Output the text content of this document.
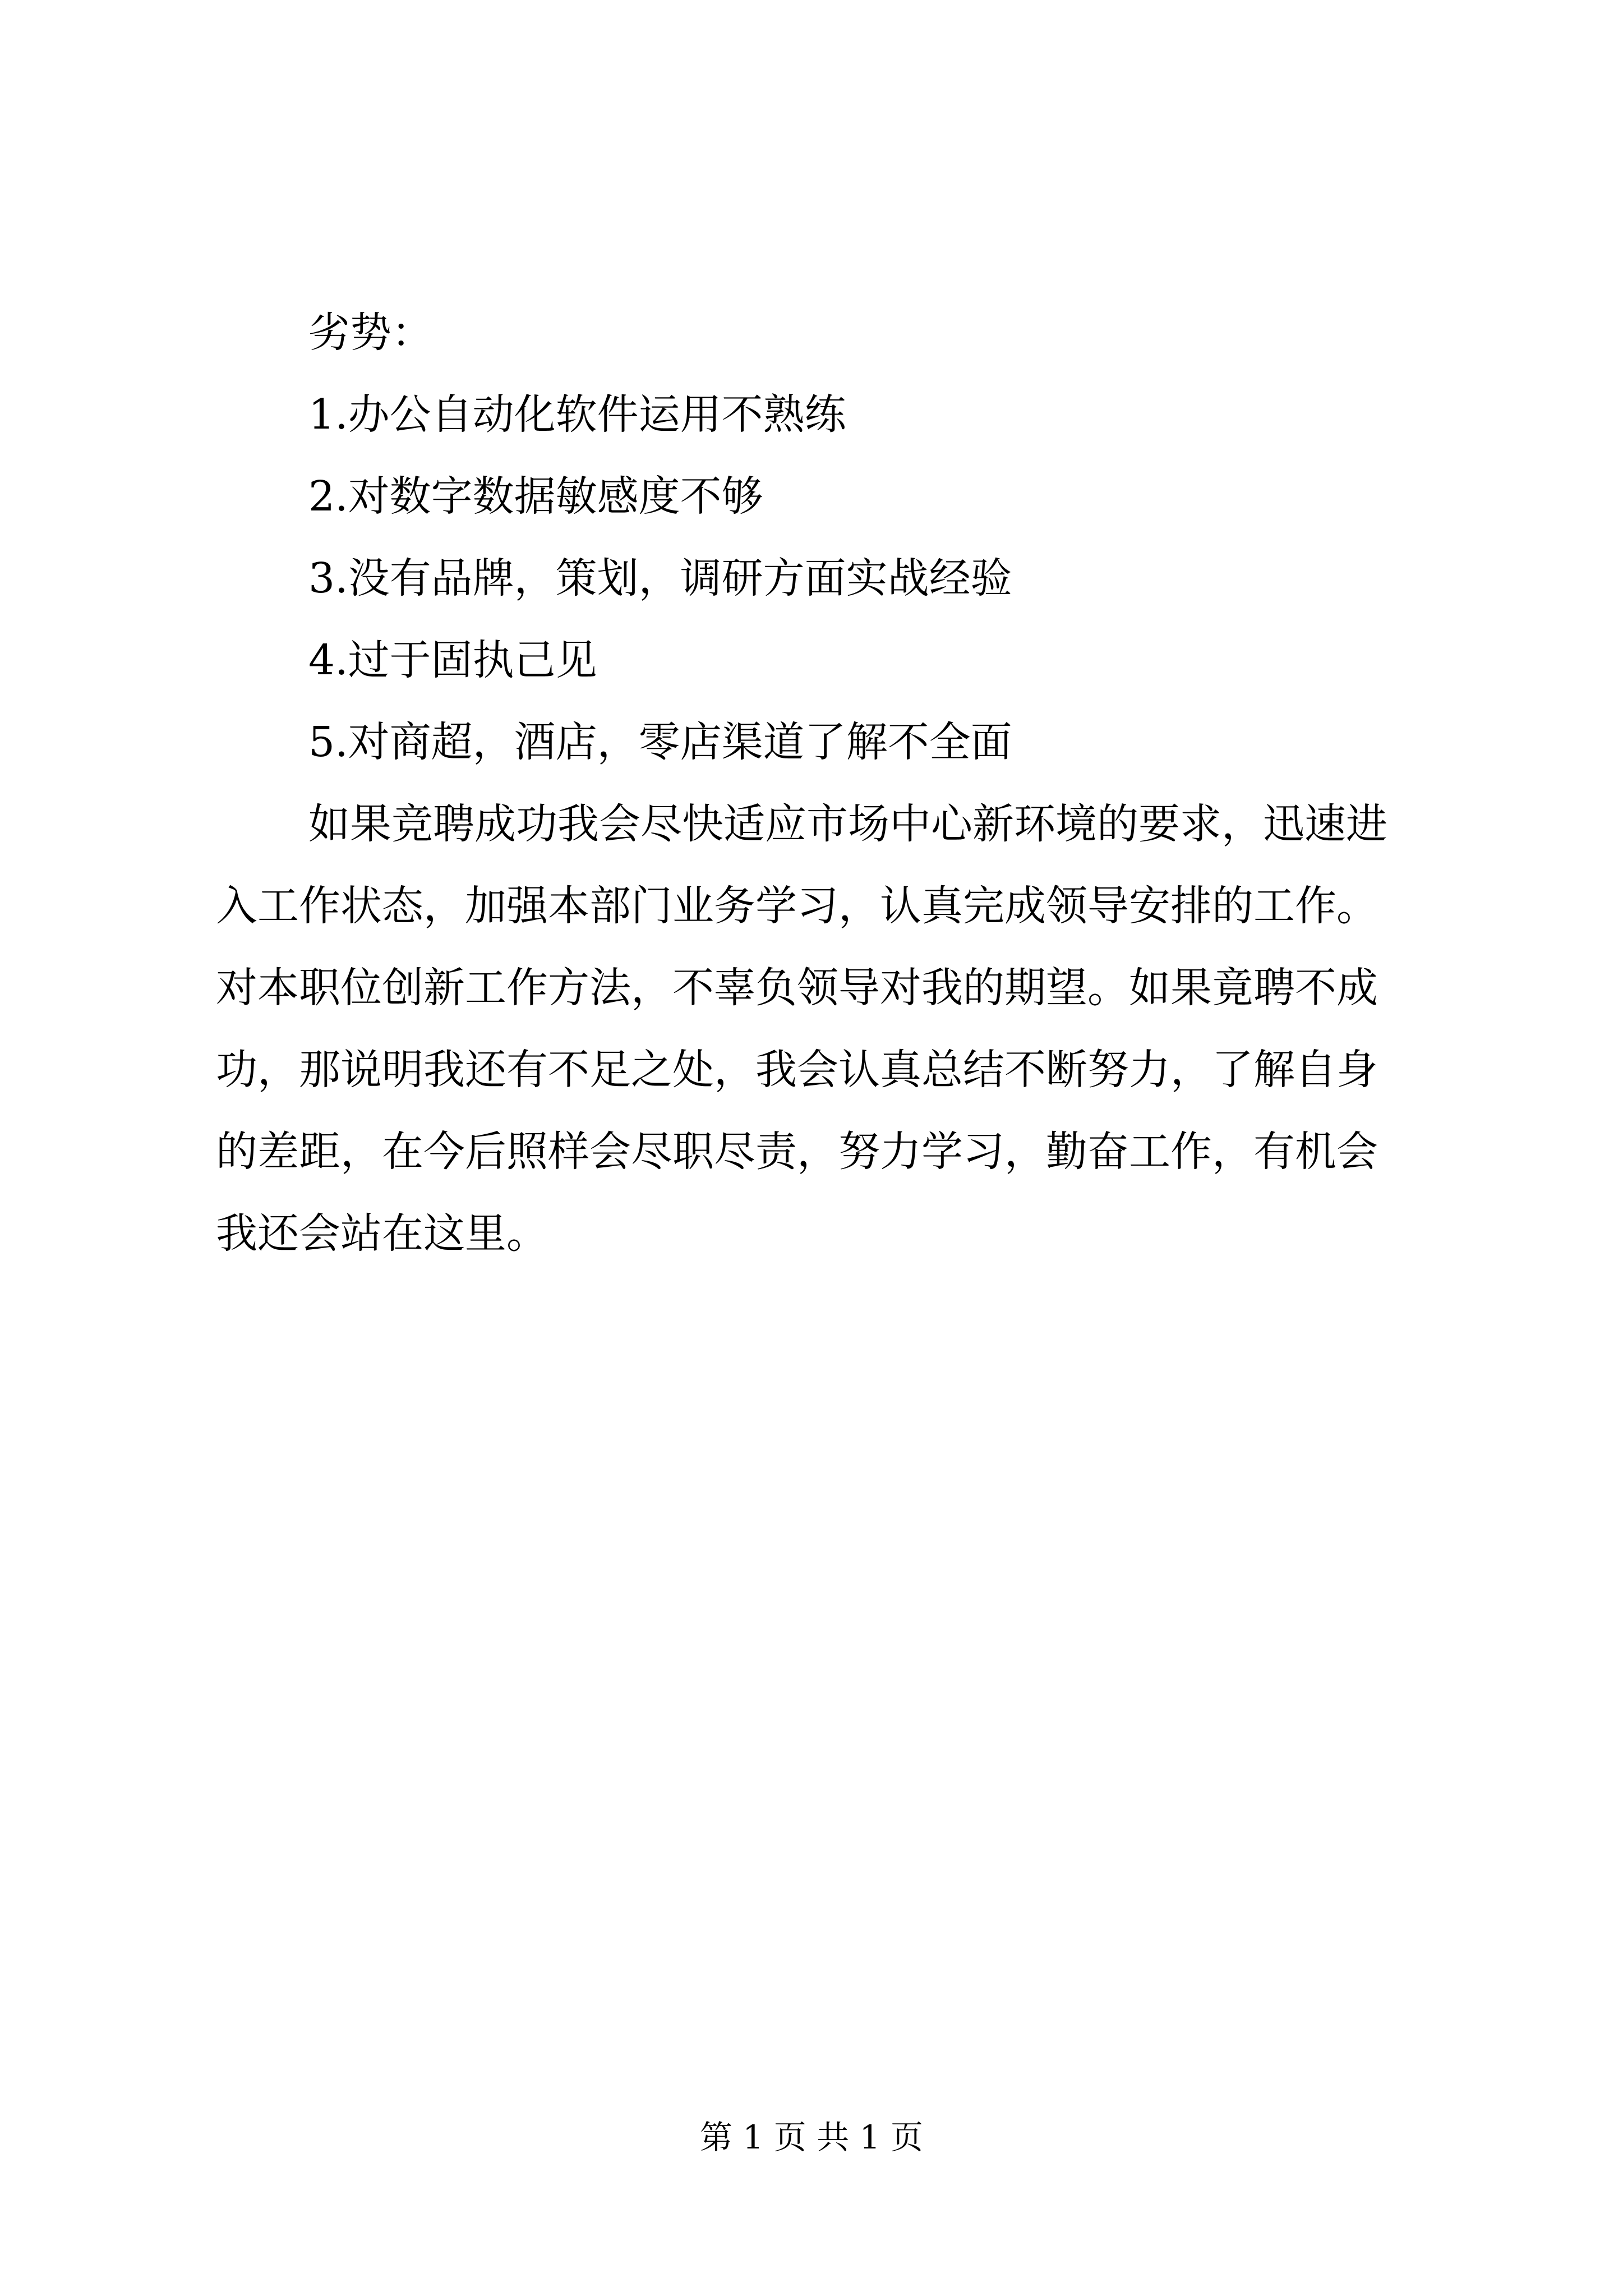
劣势：
1.办公自动化软件运用不熟练
2.对数字数据敏感度不够
3.没有品牌，策划，调研方面实战经验
4.过于固执己见
5.对商超，酒店，零店渠道了解不全面
如果竞聘成功我会尽快适应市场中心新环境的要求，迅速进
入工作状态，加强本部门业务学习，认真完成领导安排的工作。
对本职位创新工作方法，不辜负领导对我的期望。如果竟聘不成
功，那说明我还有不足之处，我会认真总结不断努力，了解自身
的差距，在今后照样会尽职尽责，努力学习，勤奋工作，有机会
我还会站在这里。
第 1 页 共 1 页
